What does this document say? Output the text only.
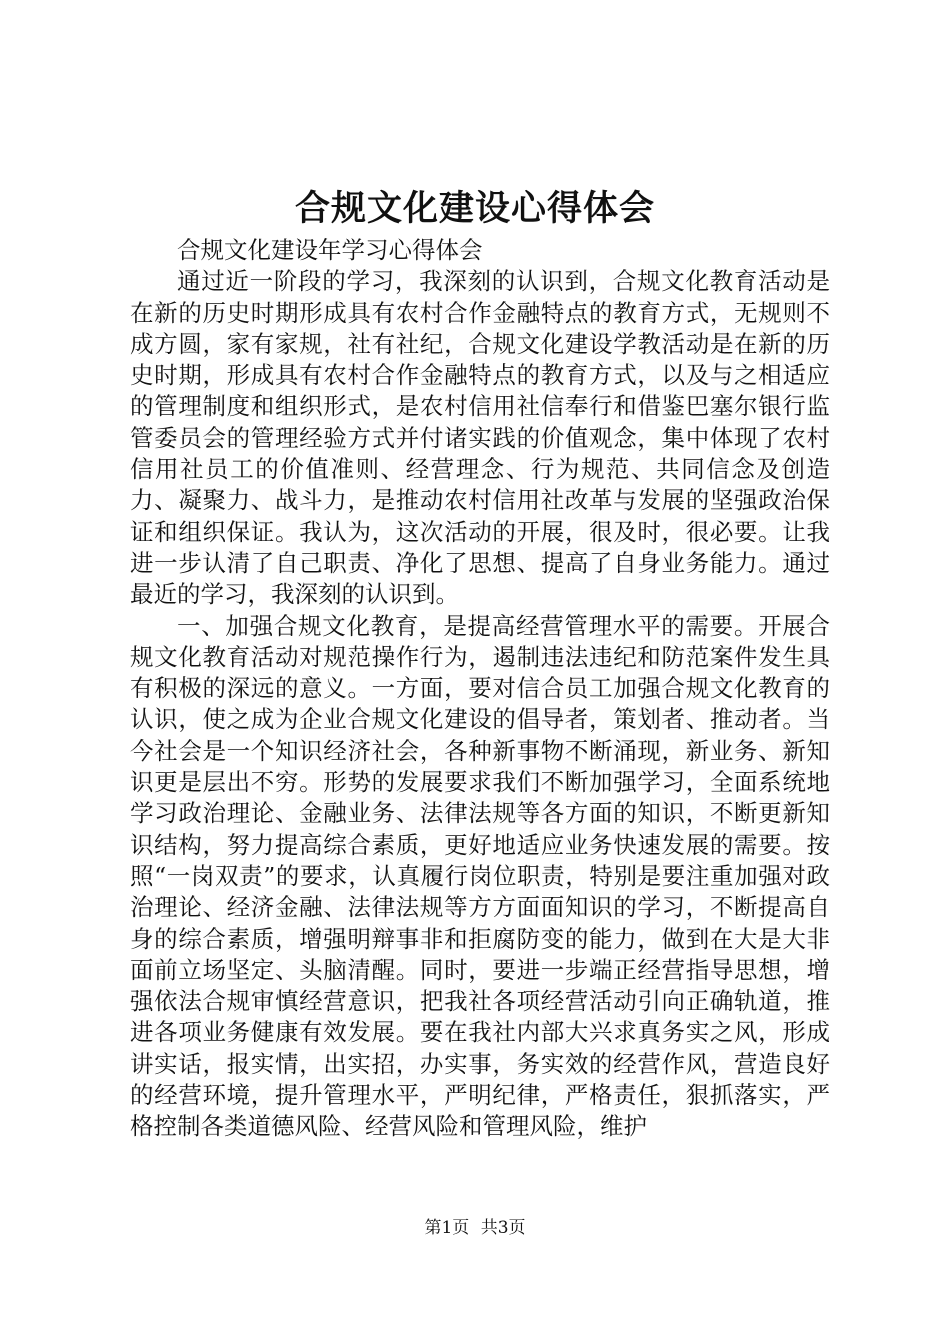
合规文化建设心得体会

合规文化建设年学习心得体会

通过近一阶段的学习，我深刻的认识到，合规文化教育活动是在新的历史时期形成具有农村合作金融特点的教育方式，无规则不成方圆，家有家规，社有社纪，合规文化建设学教活动是在新的历史时期，形成具有农村合作金融特点的教育方式，以及与之相适应的管理制度和组织形式，是农村信用社信奉行和借鉴巴塞尔银行监管委员会的管理经验方式并付诸实践的价值观念，集中体现了农村信用社员工的价值准则、经营理念、行为规范、共同信念及创造力、凝聚力、战斗力，是推动农村信用社改革与发展的坚强政治保证和组织保证。我认为，这次活动的开展，很及时，很必要。让我进一步认清了自己职责、净化了思想、提高了自身业务能力。通过最近的学习，我深刻的认识到。

一、加强合规文化教育，是提高经营管理水平的需要。开展合规文化教育活动对规范操作行为，遏制违法违纪和防范案件发生具有积极的深远的意义。一方面，要对信合员工加强合规文化教育的认识，使之成为企业合规文化建设的倡导者，策划者、推动者。当今社会是一个知识经济社会，各种新事物不断涌现，新业务、新知识更是层出不穷。形势的发展要求我们不断加强学习，全面系统地学习政治理论、金融业务、法律法规等各方面的知识，不断更新知识结构，努力提高综合素质，更好地适应业务快速发展的需要。按照“一岗双责”的要求，认真履行岗位职责，特别是要注重加强对政治理论、经济金融、法律法规等方方面面知识的学习，不断提高自身的综合素质，增强明辩事非和拒腐防变的能力，做到在大是大非面前立场坚定、头脑清醒。同时，要进一步端正经营指导思想，增强依法合规审慎经营意识，把我社各项经营活动引向正确轨道，推进各项业务健康有效发展。要在我社内部大兴求真务实之风，形成讲实话，报实情，出实招，办实事，务实效的经营作风，营造良好的经营环境，提升管理水平，严明纪律，严格责任，狠抓落实，严格控制各类道德风险、经营风险和管理风险，维护

第1页 共3页
